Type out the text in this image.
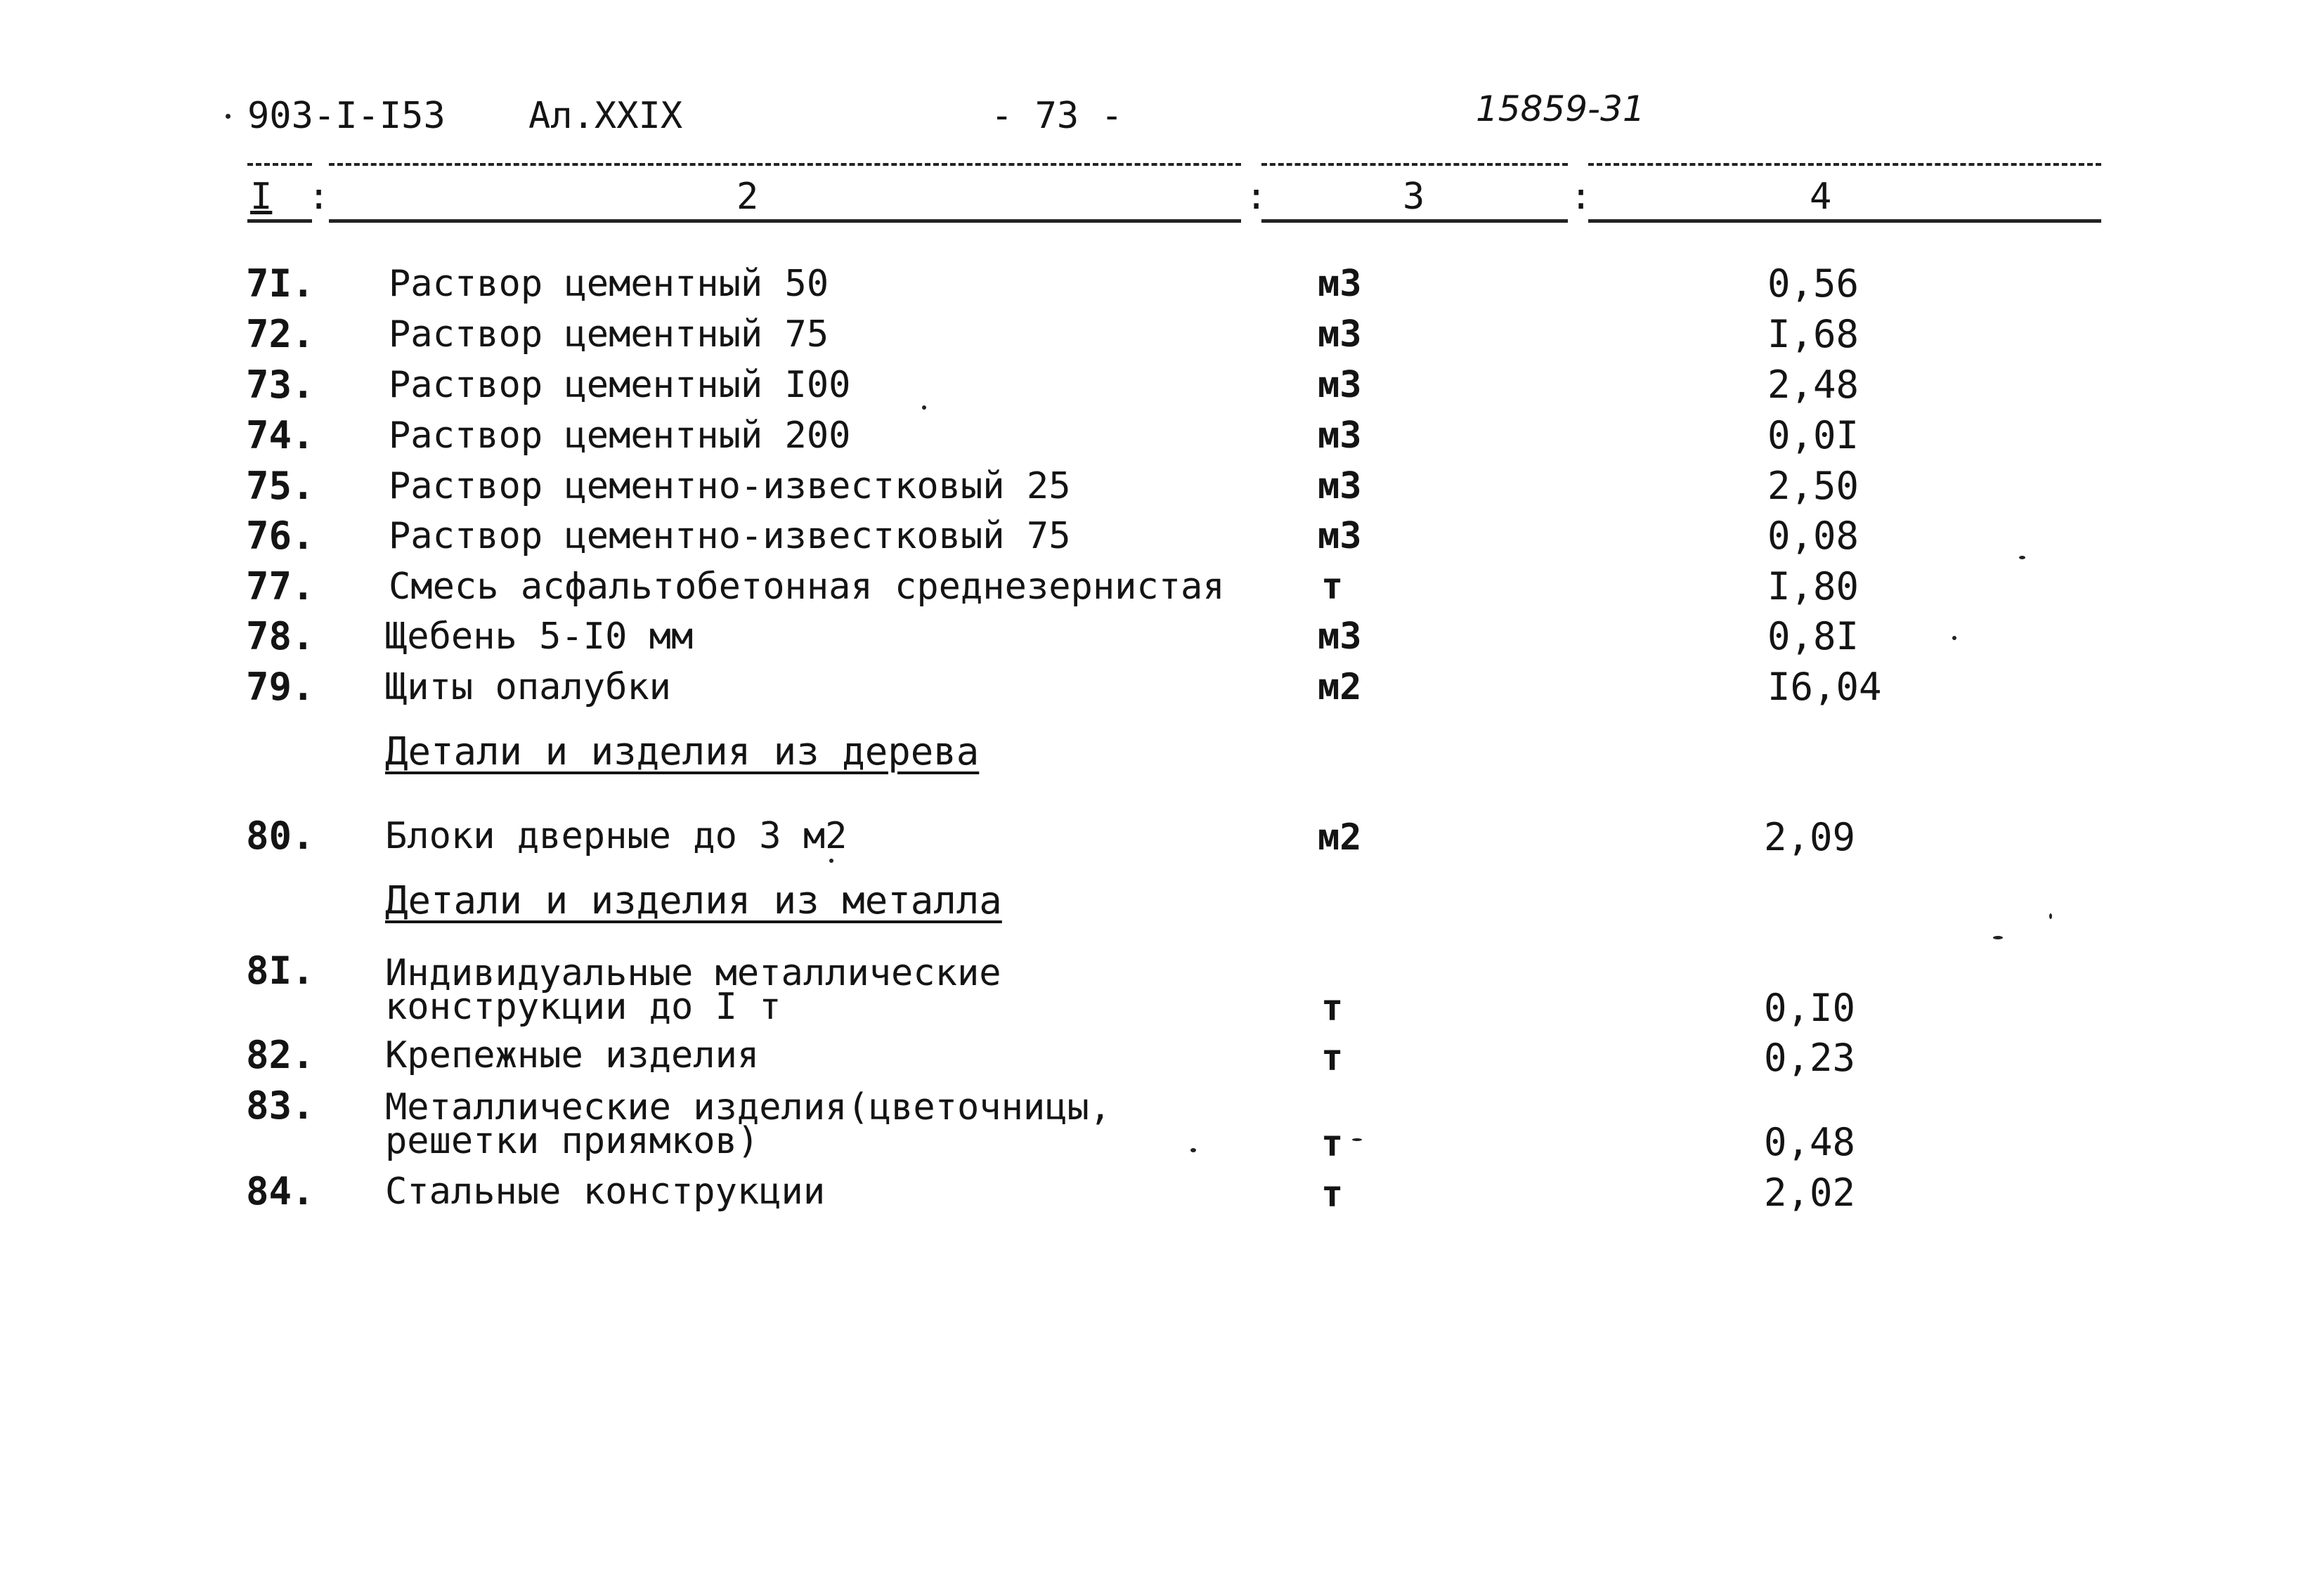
903-I-I53 Ал.XXIX	- 73 -	15859-31
I :	2	:	3	:	4
7I. Раствор цементный 50	м3	0,56
72. Раствор цементный 75	м3	I,68
73. Раствор цементный I00	м3	2,48
74. Раствор цементный 200	м3	0,0I
75. Раствор цементно-известковый 25	м3	2,50
76. Раствор цементно-известковый 75	м3	0,08
77. Смесь асфальтобетонная среднезернистая	т	I,80
78. Щебень 5-I0 мм	м3	0,8I
79. Щиты опалубки	м2	I6,04
Детали и изделия из дерева
80. Блоки дверные до 3 м2	м2	2,09
Детали и изделия из металла
8I. Индивидуальные металлические
конструкции до I т	т	0,I0
82. Крепежные изделия	т	0,23
83. Металлические изделия(цветочницы,
решетки приямков)	т	0,48
84. Стальные конструкции	т	2,02
